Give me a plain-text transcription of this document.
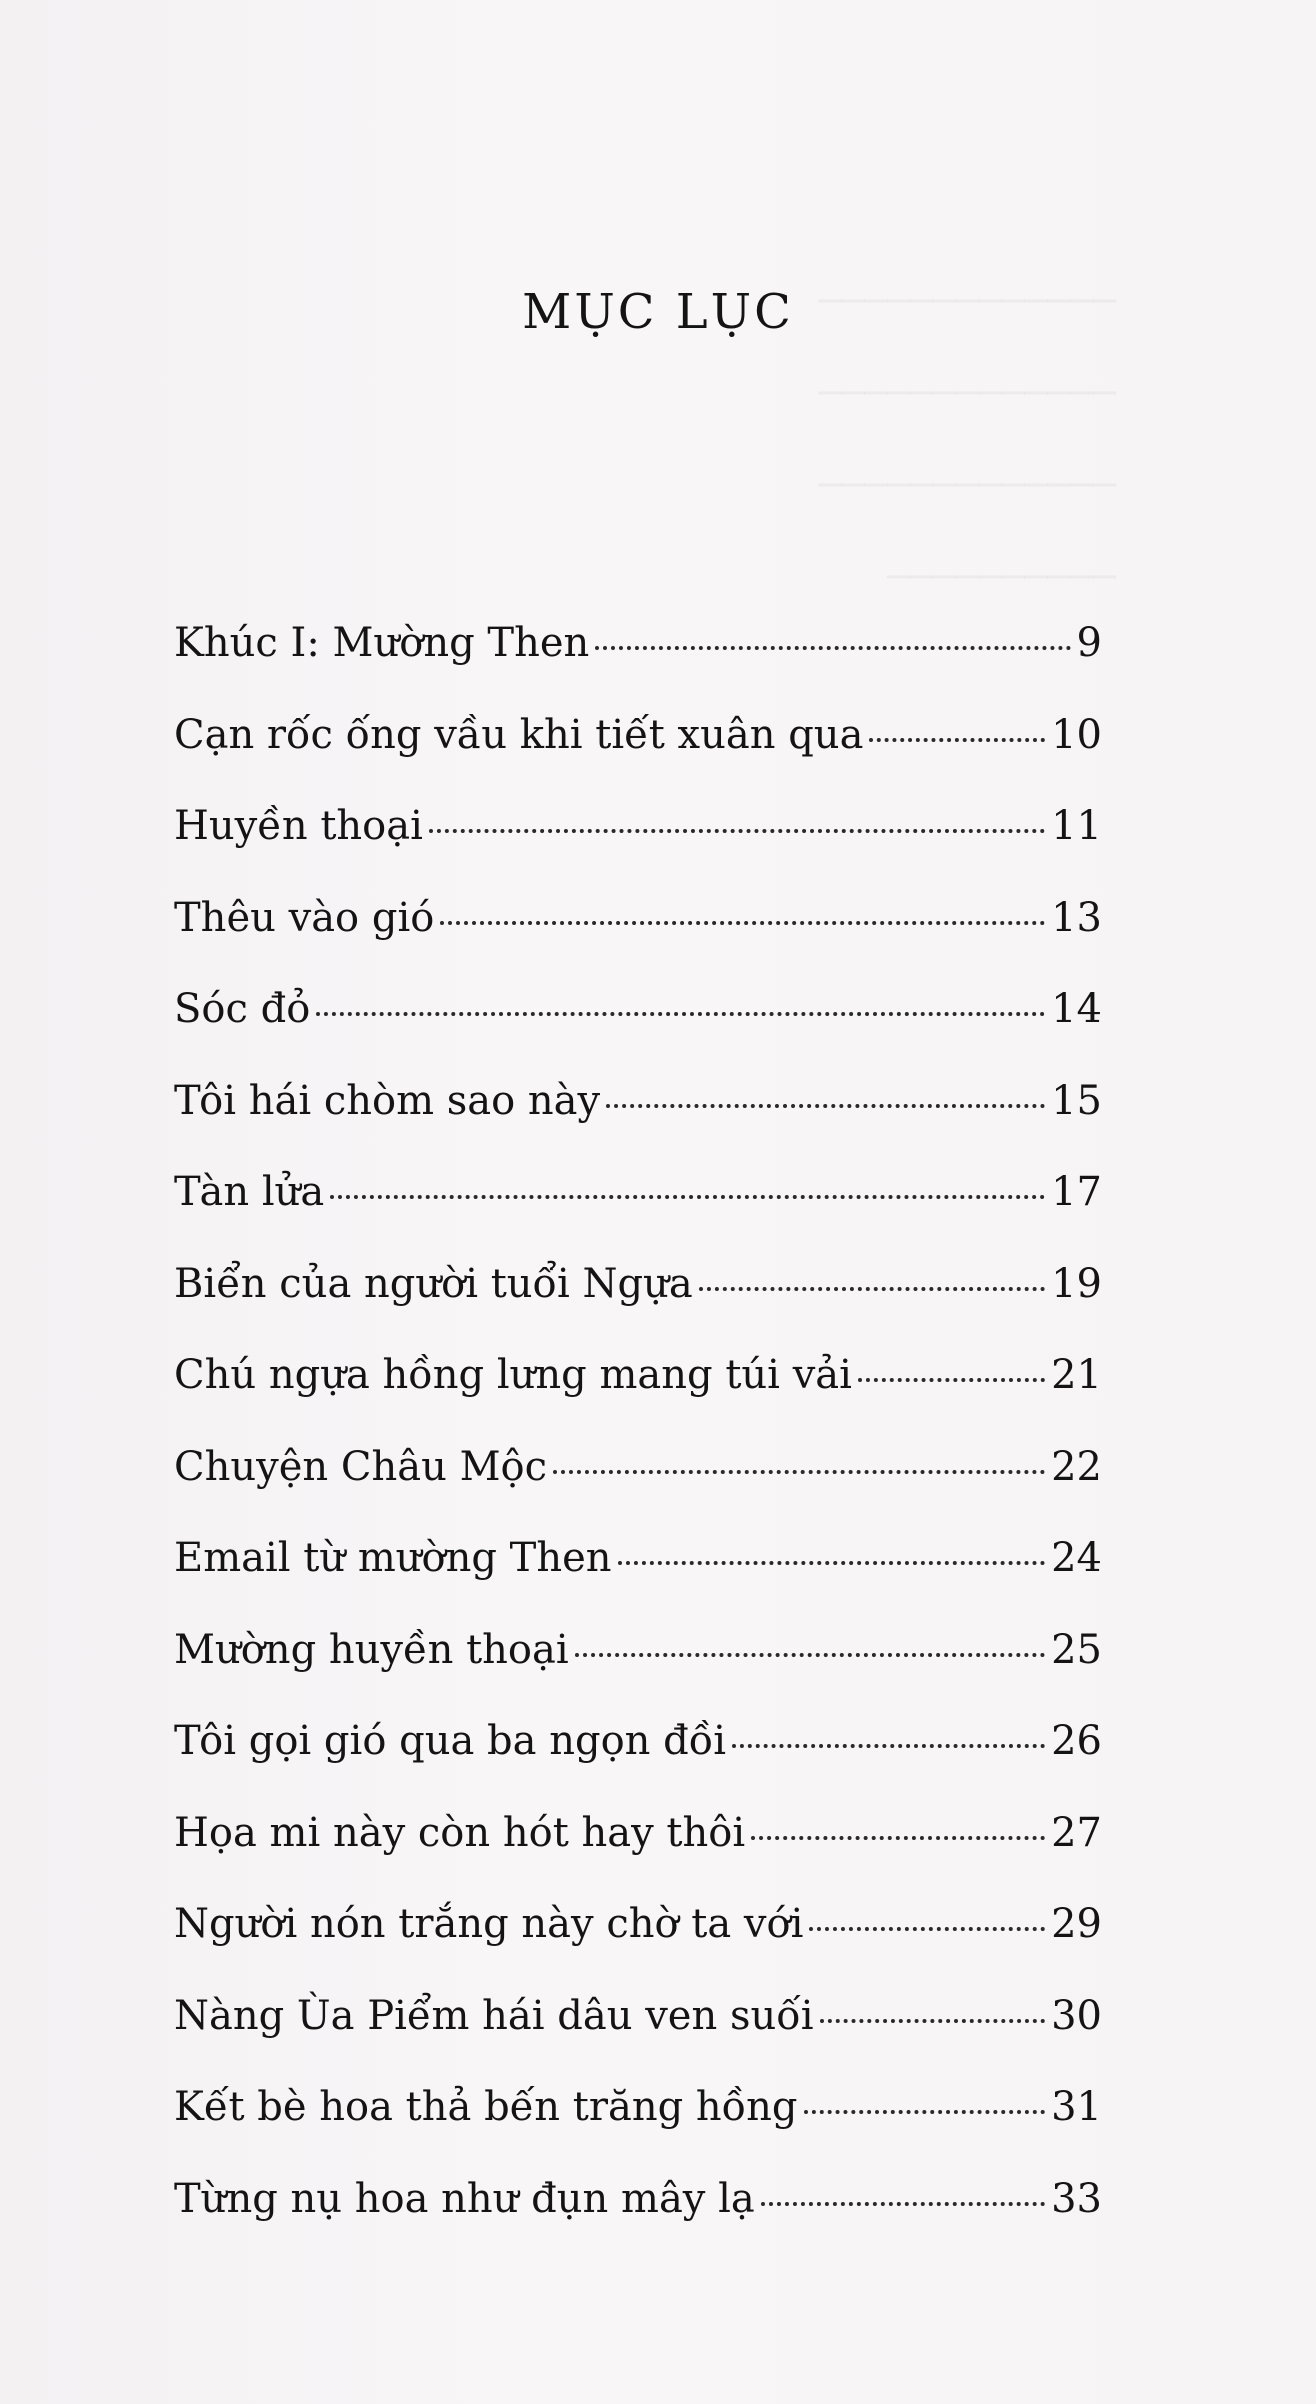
─────────────
─────────────
─────────────
──────────
MỤC LỤC
Khúc I: Mường Then	9
Cạn rốc ống vầu khi tiết xuân qua	10
Huyền thoại	11
Thêu vào gió	13
Sóc đỏ	14
Tôi hái chòm sao này	15
Tàn lửa	17
Biển của người tuổi Ngựa	19
Chú ngựa hồng lưng mang túi vải	21
Chuyện Châu Mộc	22
Email từ mường Then	24
Mường huyền thoại	25
Tôi gọi gió qua ba ngọn đồi	26
Họa mi này còn hót hay thôi	27
Người nón trắng này chờ ta với	29
Nàng Ùa Piểm hái dâu ven suối	30
Kết bè hoa thả bến trăng hồng	31
Từng nụ hoa như đụn mây lạ	33
